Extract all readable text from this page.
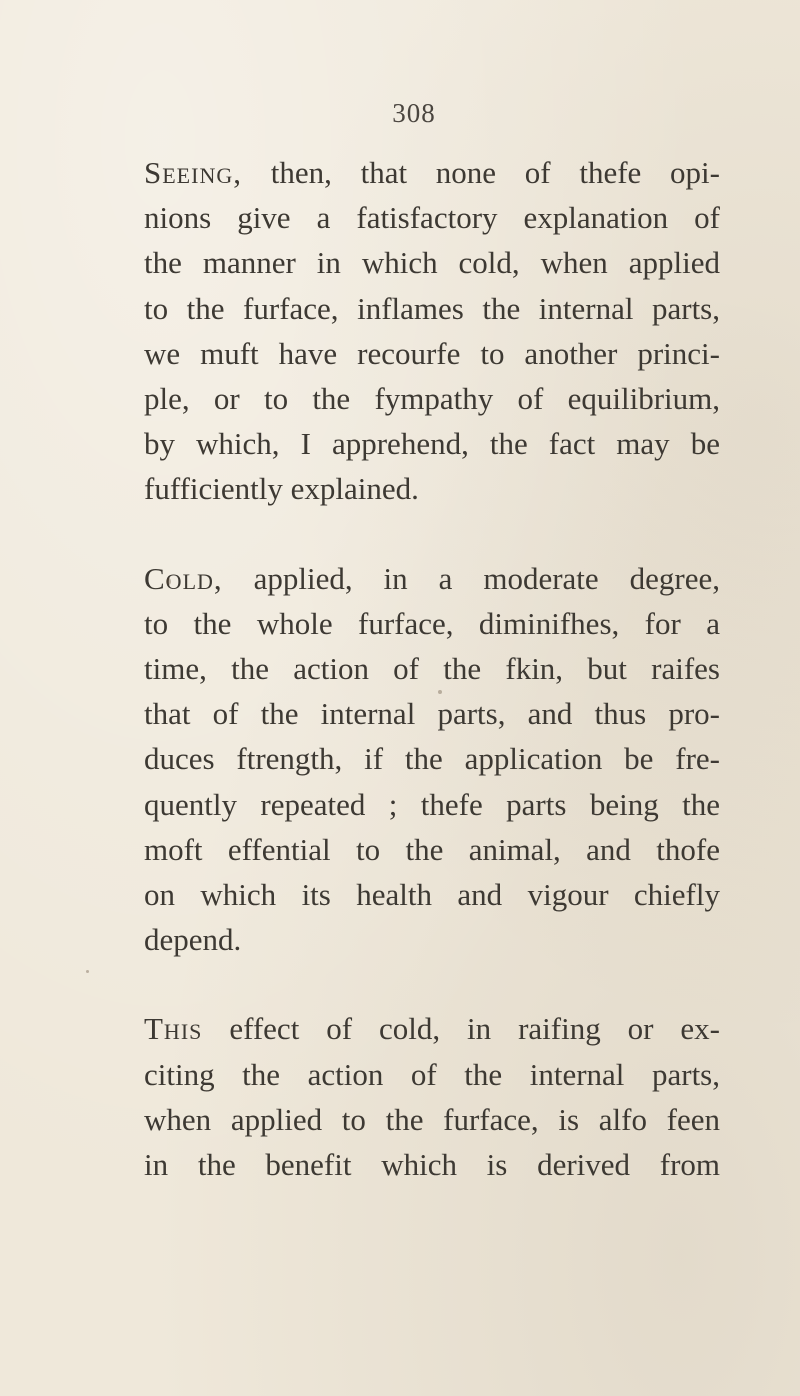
308

Seeing, then, that none of thefe opi-
nions give a fatisfactory explanation of
the manner in which cold, when applied
to the furface, inflames the internal parts,
we muft have recourfe to another princi-
ple, or to the fympathy of equilibrium,
by which, I apprehend, the fact may be
fufficiently explained.

Cold, applied, in a moderate degree,
to the whole furface, diminifhes, for a
time, the action of the fkin, but raifes
that of the internal parts, and thus pro-
duces ftrength, if the application be fre-
quently repeated ; thefe parts being the
moft effential to the animal, and thofe
on which its health and vigour chiefly
depend.

This effect of cold, in raifing or ex-
citing the action of the internal parts,
when applied to the furface, is alfo feen
in the benefit which is derived from
